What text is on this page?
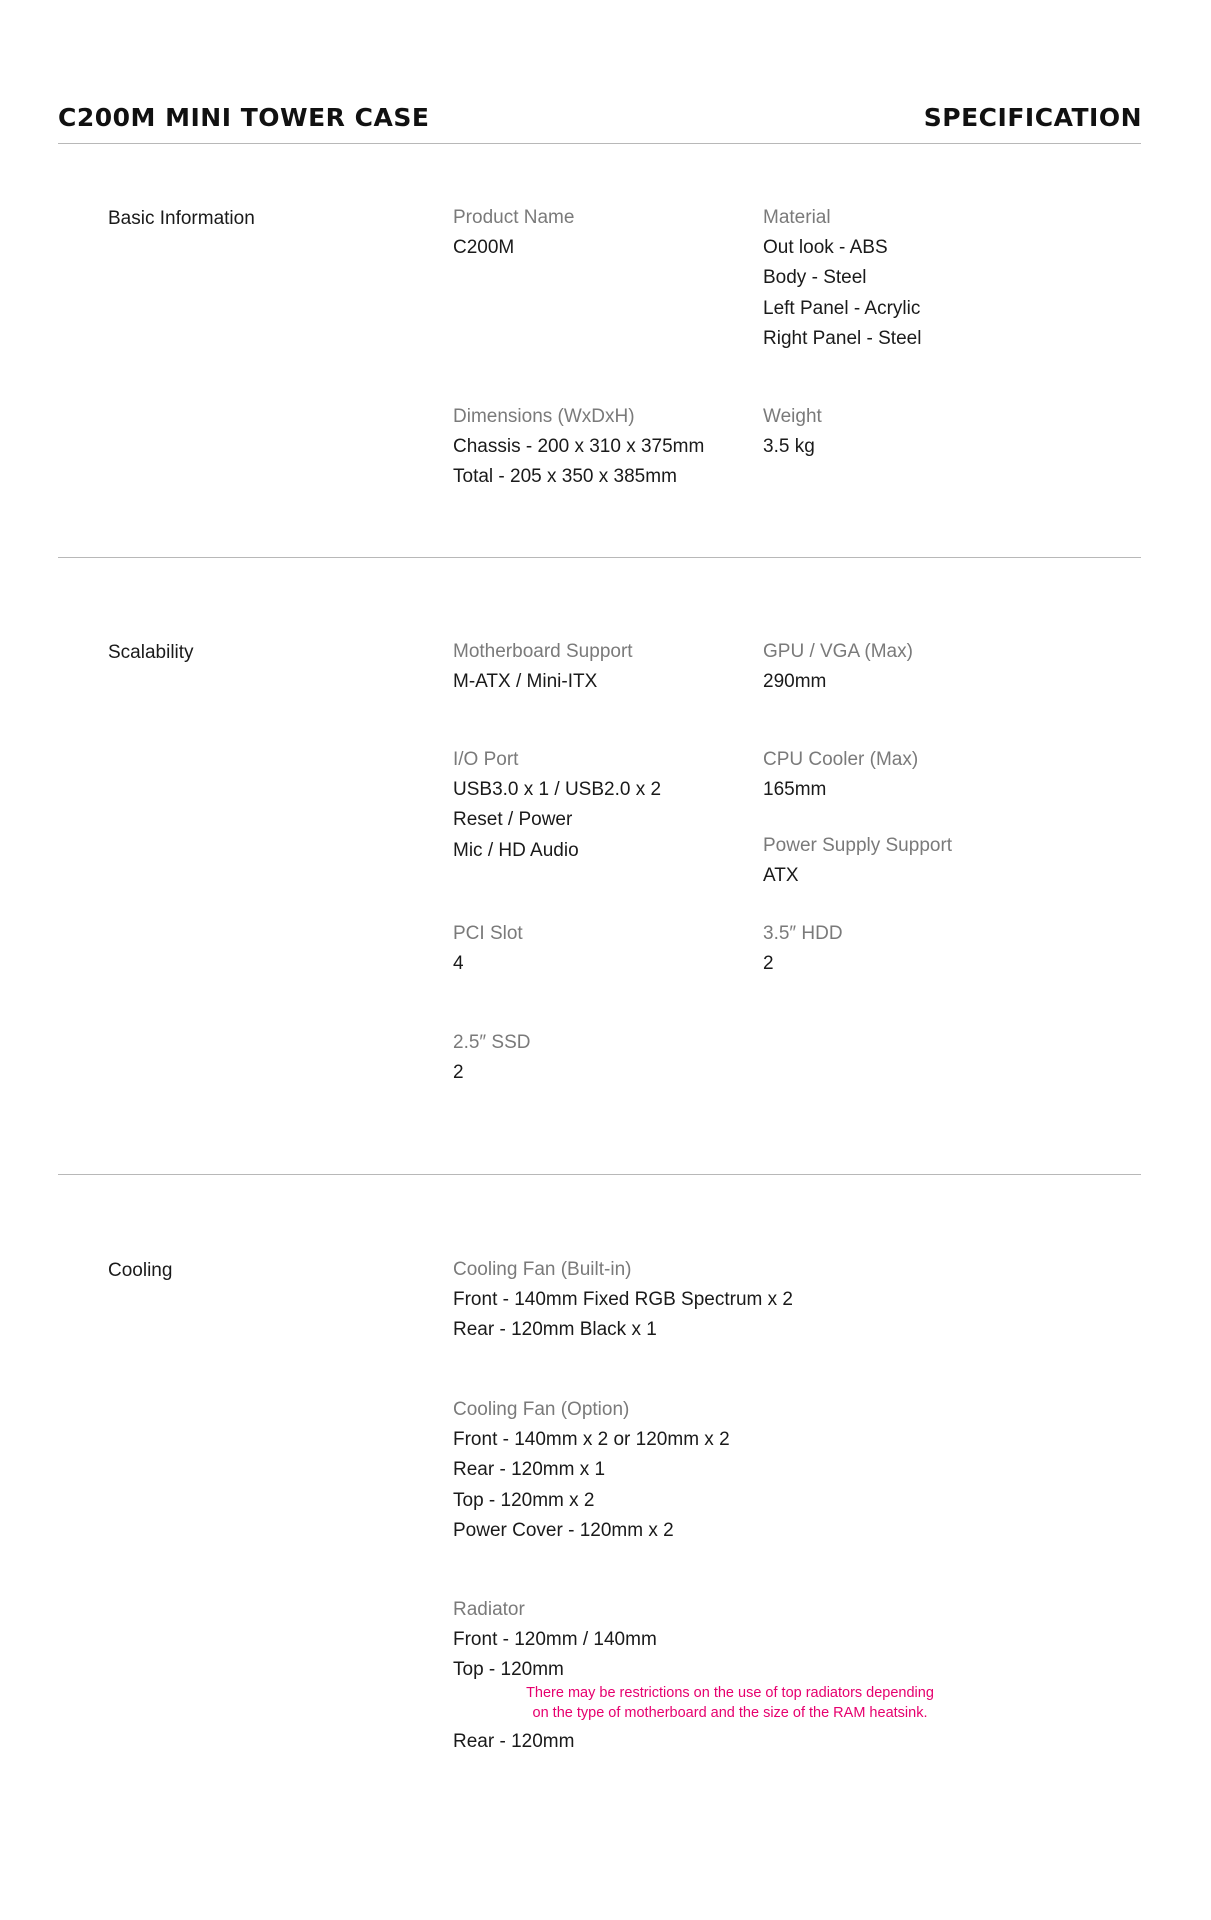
C200M MINI TOWER CASE	SPECIFICATION
Basic Information	Product Name
C200M
Material
Out look - ABS
Body - Steel
Left Panel - Acrylic
Right Panel - Steel
Dimensions (WxDxH)
Chassis - 200 x 310 x 375mm
Total - 205 x 350 x 385mm
Weight
3.5 kg
Scalability	Motherboard Support
M-ATX / Mini-ITX
GPU / VGA (Max)
290mm
I/O Port
USB3.0 x 1 / USB2.0 x 2
Reset / Power
Mic / HD Audio
CPU Cooler (Max)
165mm
Power Supply Support
ATX
PCI Slot
4
3.5″ HDD
2
2.5″ SSD
2
Cooling	Cooling Fan (Built-in)
Front - 140mm Fixed RGB Spectrum x 2
Rear - 120mm Black x 1
Cooling Fan (Option)
Front - 140mm x 2 or 120mm x 2
Rear - 120mm x 1
Top - 120mm x 2
Power Cover - 120mm x 2
Radiator
Front - 120mm / 140mm
Top - 120mm
There may be restrictions on the use of top radiators depending
on the type of motherboard and the size of the RAM heatsink.
Rear - 120mm
